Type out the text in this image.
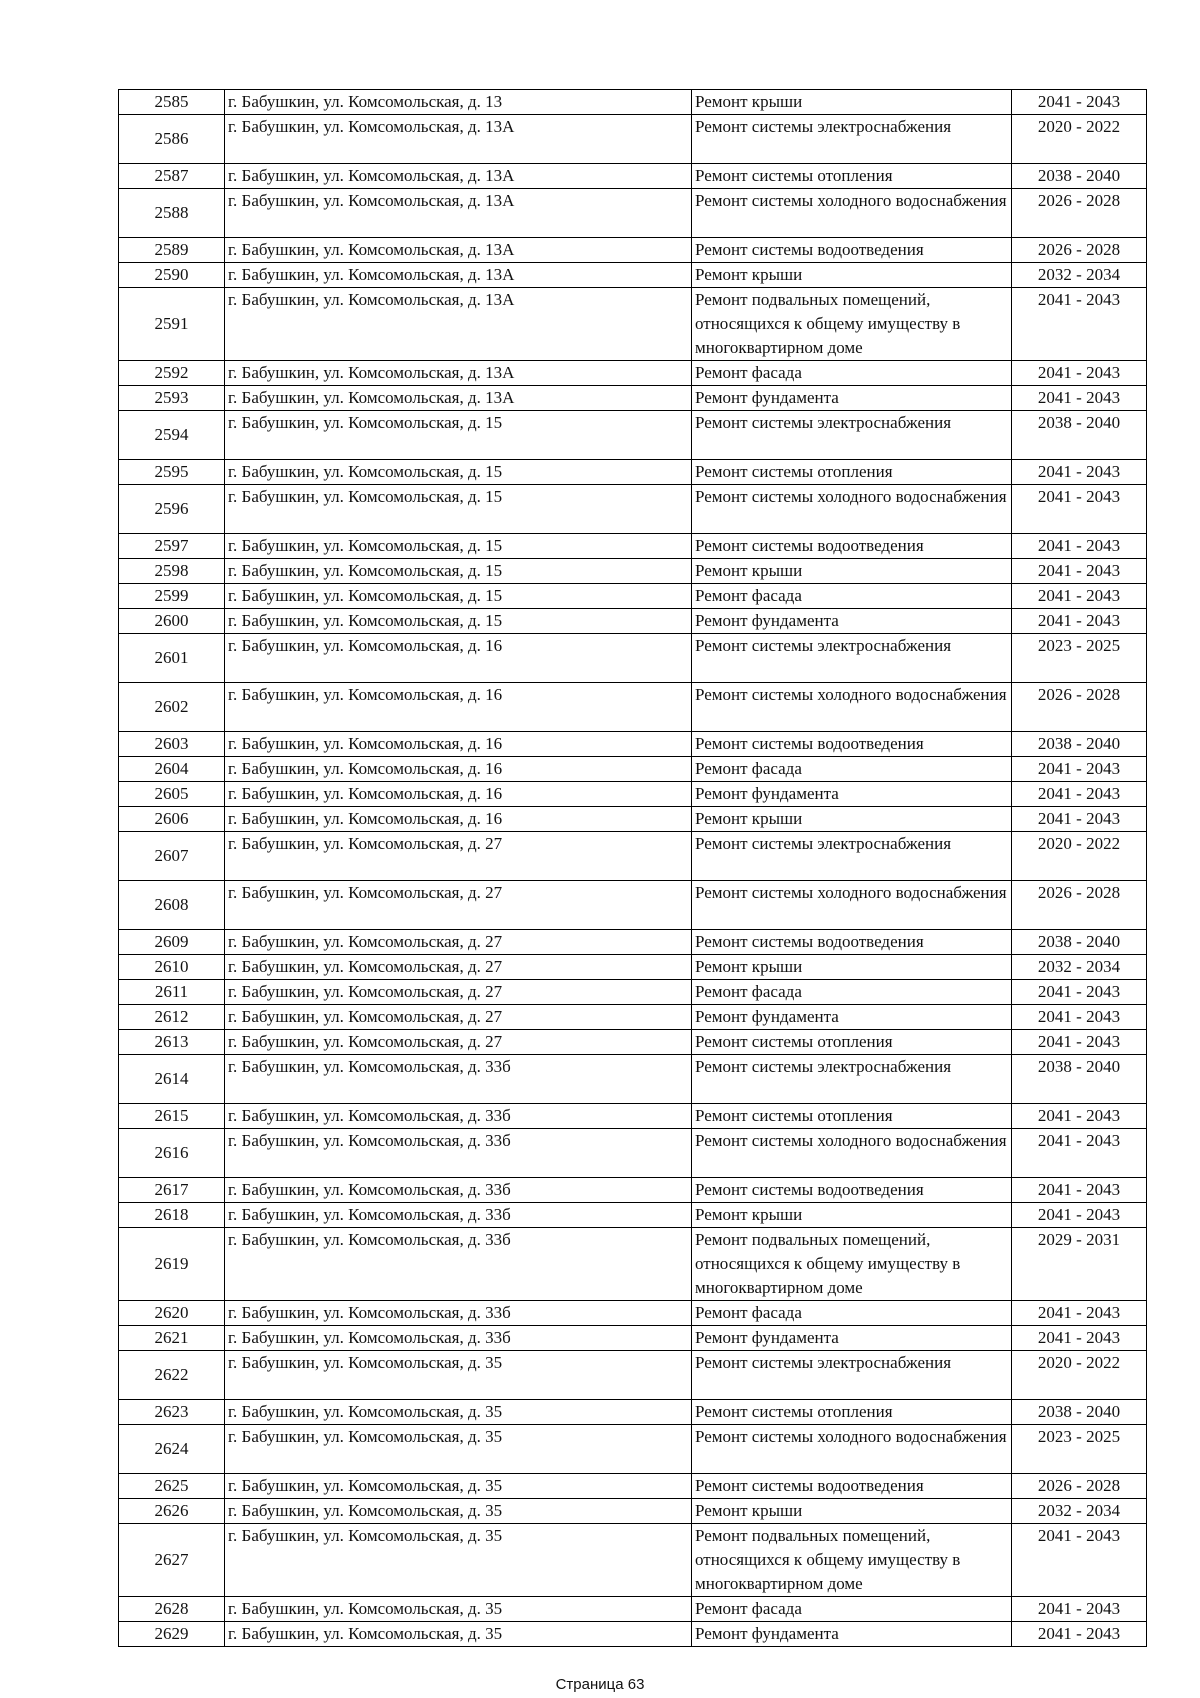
2585	г. Бабушкин, ул. Комсомольская, д. 13	Ремонт крыши	2041 - 2043
2586	г. Бабушкин, ул. Комсомольская, д. 13А	Ремонт системы электроснабжения	2020 - 2022
2587	г. Бабушкин, ул. Комсомольская, д. 13А	Ремонт системы отопления	2038 - 2040
2588	г. Бабушкин, ул. Комсомольская, д. 13А	Ремонт системы холодного водоснабжения	2026 - 2028
2589	г. Бабушкин, ул. Комсомольская, д. 13А	Ремонт системы водоотведения	2026 - 2028
2590	г. Бабушкин, ул. Комсомольская, д. 13А	Ремонт крыши	2032 - 2034
2591	г. Бабушкин, ул. Комсомольская, д. 13А	Ремонт подвальных помещений, относящихся к общему имуществу в многоквартирном доме	2041 - 2043
2592	г. Бабушкин, ул. Комсомольская, д. 13А	Ремонт фасада	2041 - 2043
2593	г. Бабушкин, ул. Комсомольская, д. 13А	Ремонт фундамента	2041 - 2043
2594	г. Бабушкин, ул. Комсомольская, д. 15	Ремонт системы электроснабжения	2038 - 2040
2595	г. Бабушкин, ул. Комсомольская, д. 15	Ремонт системы отопления	2041 - 2043
2596	г. Бабушкин, ул. Комсомольская, д. 15	Ремонт системы холодного водоснабжения	2041 - 2043
2597	г. Бабушкин, ул. Комсомольская, д. 15	Ремонт системы водоотведения	2041 - 2043
2598	г. Бабушкин, ул. Комсомольская, д. 15	Ремонт крыши	2041 - 2043
2599	г. Бабушкин, ул. Комсомольская, д. 15	Ремонт фасада	2041 - 2043
2600	г. Бабушкин, ул. Комсомольская, д. 15	Ремонт фундамента	2041 - 2043
2601	г. Бабушкин, ул. Комсомольская, д. 16	Ремонт системы электроснабжения	2023 - 2025
2602	г. Бабушкин, ул. Комсомольская, д. 16	Ремонт системы холодного водоснабжения	2026 - 2028
2603	г. Бабушкин, ул. Комсомольская, д. 16	Ремонт системы водоотведения	2038 - 2040
2604	г. Бабушкин, ул. Комсомольская, д. 16	Ремонт фасада	2041 - 2043
2605	г. Бабушкин, ул. Комсомольская, д. 16	Ремонт фундамента	2041 - 2043
2606	г. Бабушкин, ул. Комсомольская, д. 16	Ремонт крыши	2041 - 2043
2607	г. Бабушкин, ул. Комсомольская, д. 27	Ремонт системы электроснабжения	2020 - 2022
2608	г. Бабушкин, ул. Комсомольская, д. 27	Ремонт системы холодного водоснабжения	2026 - 2028
2609	г. Бабушкин, ул. Комсомольская, д. 27	Ремонт системы водоотведения	2038 - 2040
2610	г. Бабушкин, ул. Комсомольская, д. 27	Ремонт крыши	2032 - 2034
2611	г. Бабушкин, ул. Комсомольская, д. 27	Ремонт фасада	2041 - 2043
2612	г. Бабушкин, ул. Комсомольская, д. 27	Ремонт фундамента	2041 - 2043
2613	г. Бабушкин, ул. Комсомольская, д. 27	Ремонт системы отопления	2041 - 2043
2614	г. Бабушкин, ул. Комсомольская, д. 33б	Ремонт системы электроснабжения	2038 - 2040
2615	г. Бабушкин, ул. Комсомольская, д. 33б	Ремонт системы отопления	2041 - 2043
2616	г. Бабушкин, ул. Комсомольская, д. 33б	Ремонт системы холодного водоснабжения	2041 - 2043
2617	г. Бабушкин, ул. Комсомольская, д. 33б	Ремонт системы водоотведения	2041 - 2043
2618	г. Бабушкин, ул. Комсомольская, д. 33б	Ремонт крыши	2041 - 2043
2619	г. Бабушкин, ул. Комсомольская, д. 33б	Ремонт подвальных помещений, относящихся к общему имуществу в многоквартирном доме	2029 - 2031
2620	г. Бабушкин, ул. Комсомольская, д. 33б	Ремонт фасада	2041 - 2043
2621	г. Бабушкин, ул. Комсомольская, д. 33б	Ремонт фундамента	2041 - 2043
2622	г. Бабушкин, ул. Комсомольская, д. 35	Ремонт системы электроснабжения	2020 - 2022
2623	г. Бабушкин, ул. Комсомольская, д. 35	Ремонт системы отопления	2038 - 2040
2624	г. Бабушкин, ул. Комсомольская, д. 35	Ремонт системы холодного водоснабжения	2023 - 2025
2625	г. Бабушкин, ул. Комсомольская, д. 35	Ремонт системы водоотведения	2026 - 2028
2626	г. Бабушкин, ул. Комсомольская, д. 35	Ремонт крыши	2032 - 2034
2627	г. Бабушкин, ул. Комсомольская, д. 35	Ремонт подвальных помещений, относящихся к общему имуществу в многоквартирном доме	2041 - 2043
2628	г. Бабушкин, ул. Комсомольская, д. 35	Ремонт фасада	2041 - 2043
2629	г. Бабушкин, ул. Комсомольская, д. 35	Ремонт фундамента	2041 - 2043
Страница 63
